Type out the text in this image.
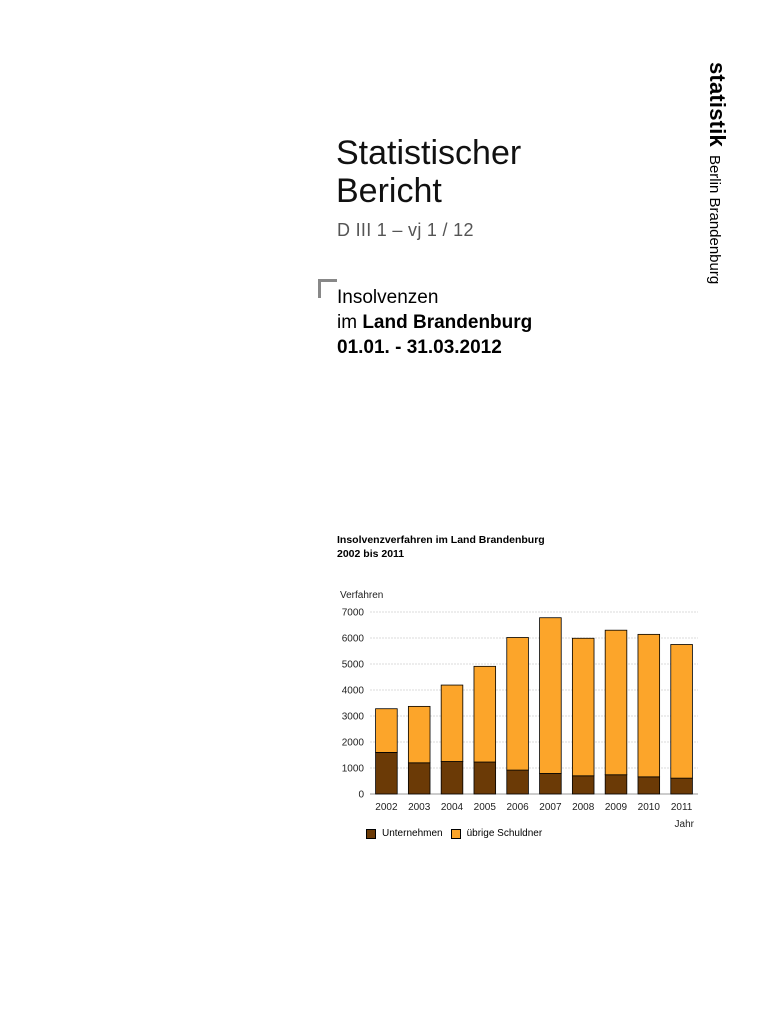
statistik
Berlin Brandenburg
Statistischer
Bericht
D III 1 – vj 1 / 12
Insolvenzen
im Land Brandenburg
01.01. - 31.03.2012
Insolvenzverfahren im Land Brandenburg
2002 bis 2011
Verfahren
0
1000
2000
3000
4000
5000
6000
7000
2002 2003 2004 2005 2006 2007 2008 2009 2010 2011
Jahr
Unternehmen übrige Schuldner
